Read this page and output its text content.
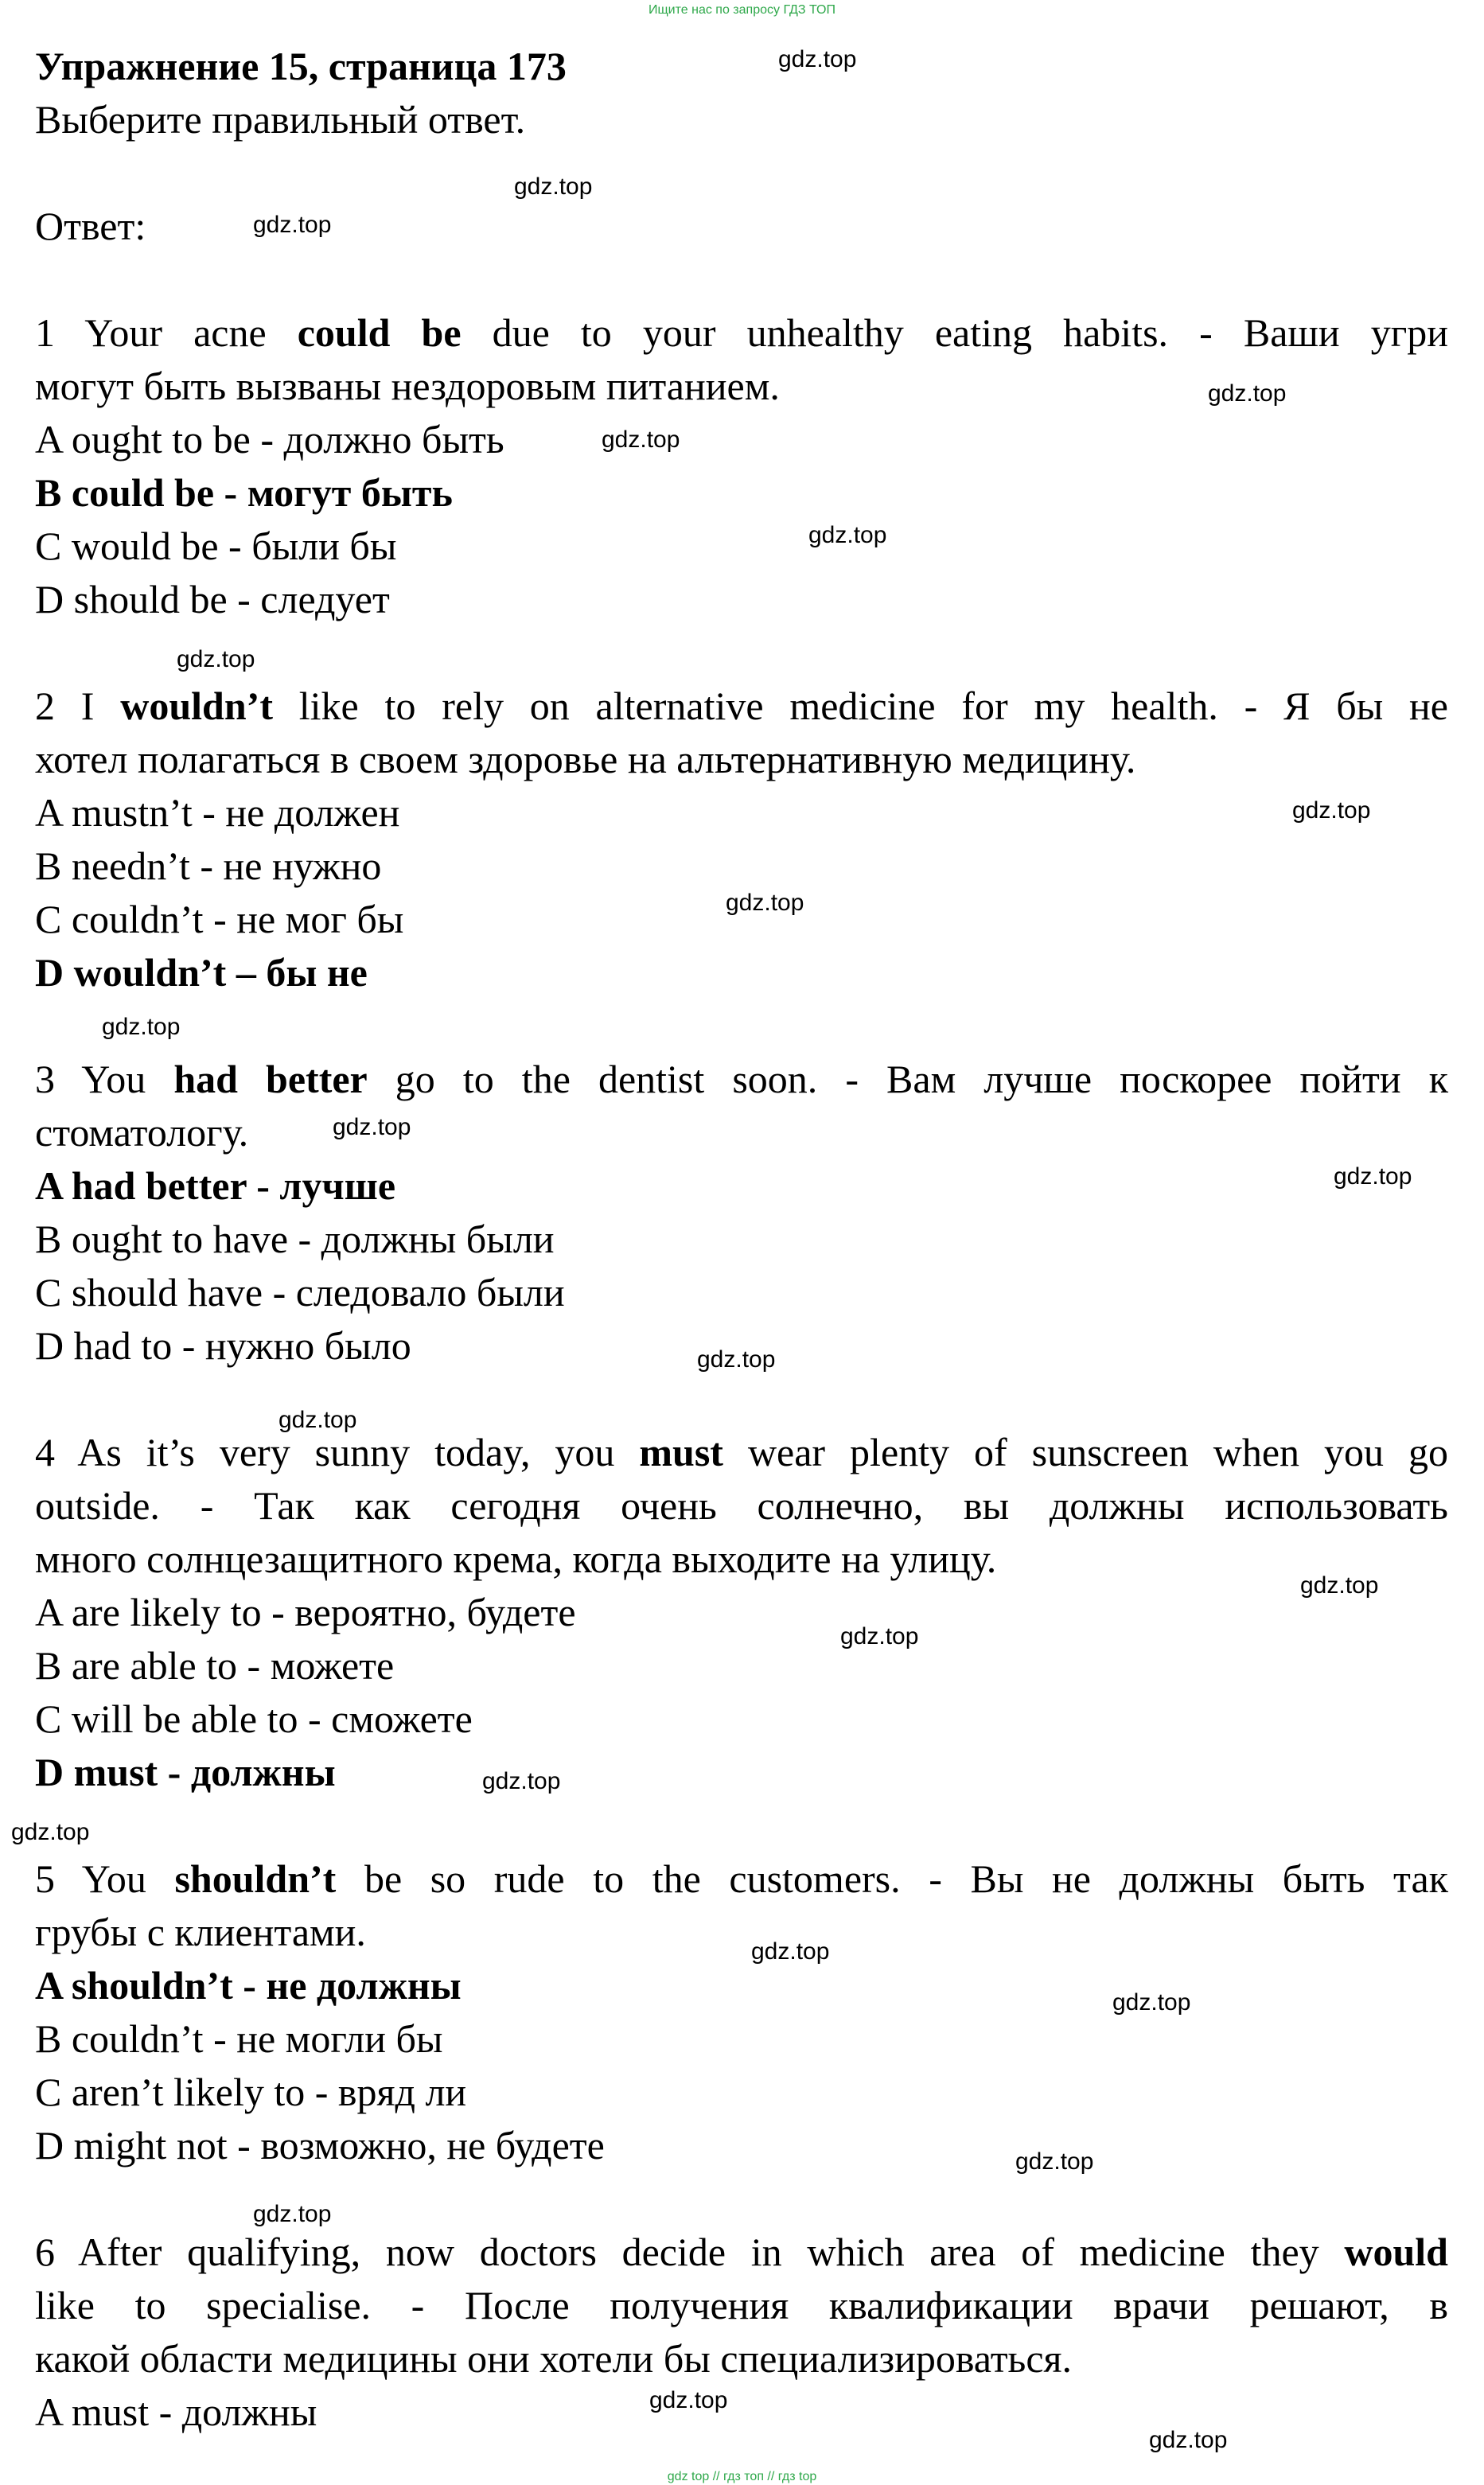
Ищите нас по запросу ГДЗ ТОП
Упражнение 15, страница 173
Выберите правильный ответ.
Ответ:
1 Your acne could be due to your unhealthy eating habits. - Ваши угри
могут быть вызваны нездоровым питанием.
A ought to be - должно быть
B could be - могут быть
C would be - были бы
D should be - следует
2 I wouldn’t like to rely on alternative medicine for my health. - Я бы не
хотел полагаться в своем здоровье на альтернативную медицину.
A mustn’t - не должен
B needn’t - не нужно
C couldn’t - не мог бы
D wouldn’t – бы не
3 You had better go to the dentist soon. - Вам лучше поскорее пойти к
стоматологу.
A had better - лучше
B ought to have - должны были
C should have - следовало были
D had to - нужно было
4 As it’s very sunny today, you must wear plenty of sunscreen when you go
outside. - Так как сегодня очень солнечно, вы должны использовать
много солнцезащитного крема, когда выходите на улицу.
A are likely to - вероятно, будете
B are able to - можете
C will be able to - сможете
D must - должны
5 You shouldn’t be so rude to the customers. - Вы не должны быть так
грубы с клиентами.
A shouldn’t - не должны
B couldn’t - не могли бы
C aren’t likely to - вряд ли
D might not - возможно, не будете
6 After qualifying, now doctors decide in which area of medicine they would
like to specialise. - После получения квалификации врачи решают, в
какой области медицины они хотели бы специализироваться.
A must - должны
gdz.top
gdz.top
gdz.top
gdz.top
gdz.top
gdz.top
gdz.top
gdz.top
gdz.top
gdz.top
gdz.top
gdz.top
gdz.top
gdz.top
gdz.top
gdz.top
gdz.top
gdz.top
gdz.top
gdz.top
gdz.top
gdz.top
gdz.top
gdz.top
gdz top // гдз топ // гдз top
